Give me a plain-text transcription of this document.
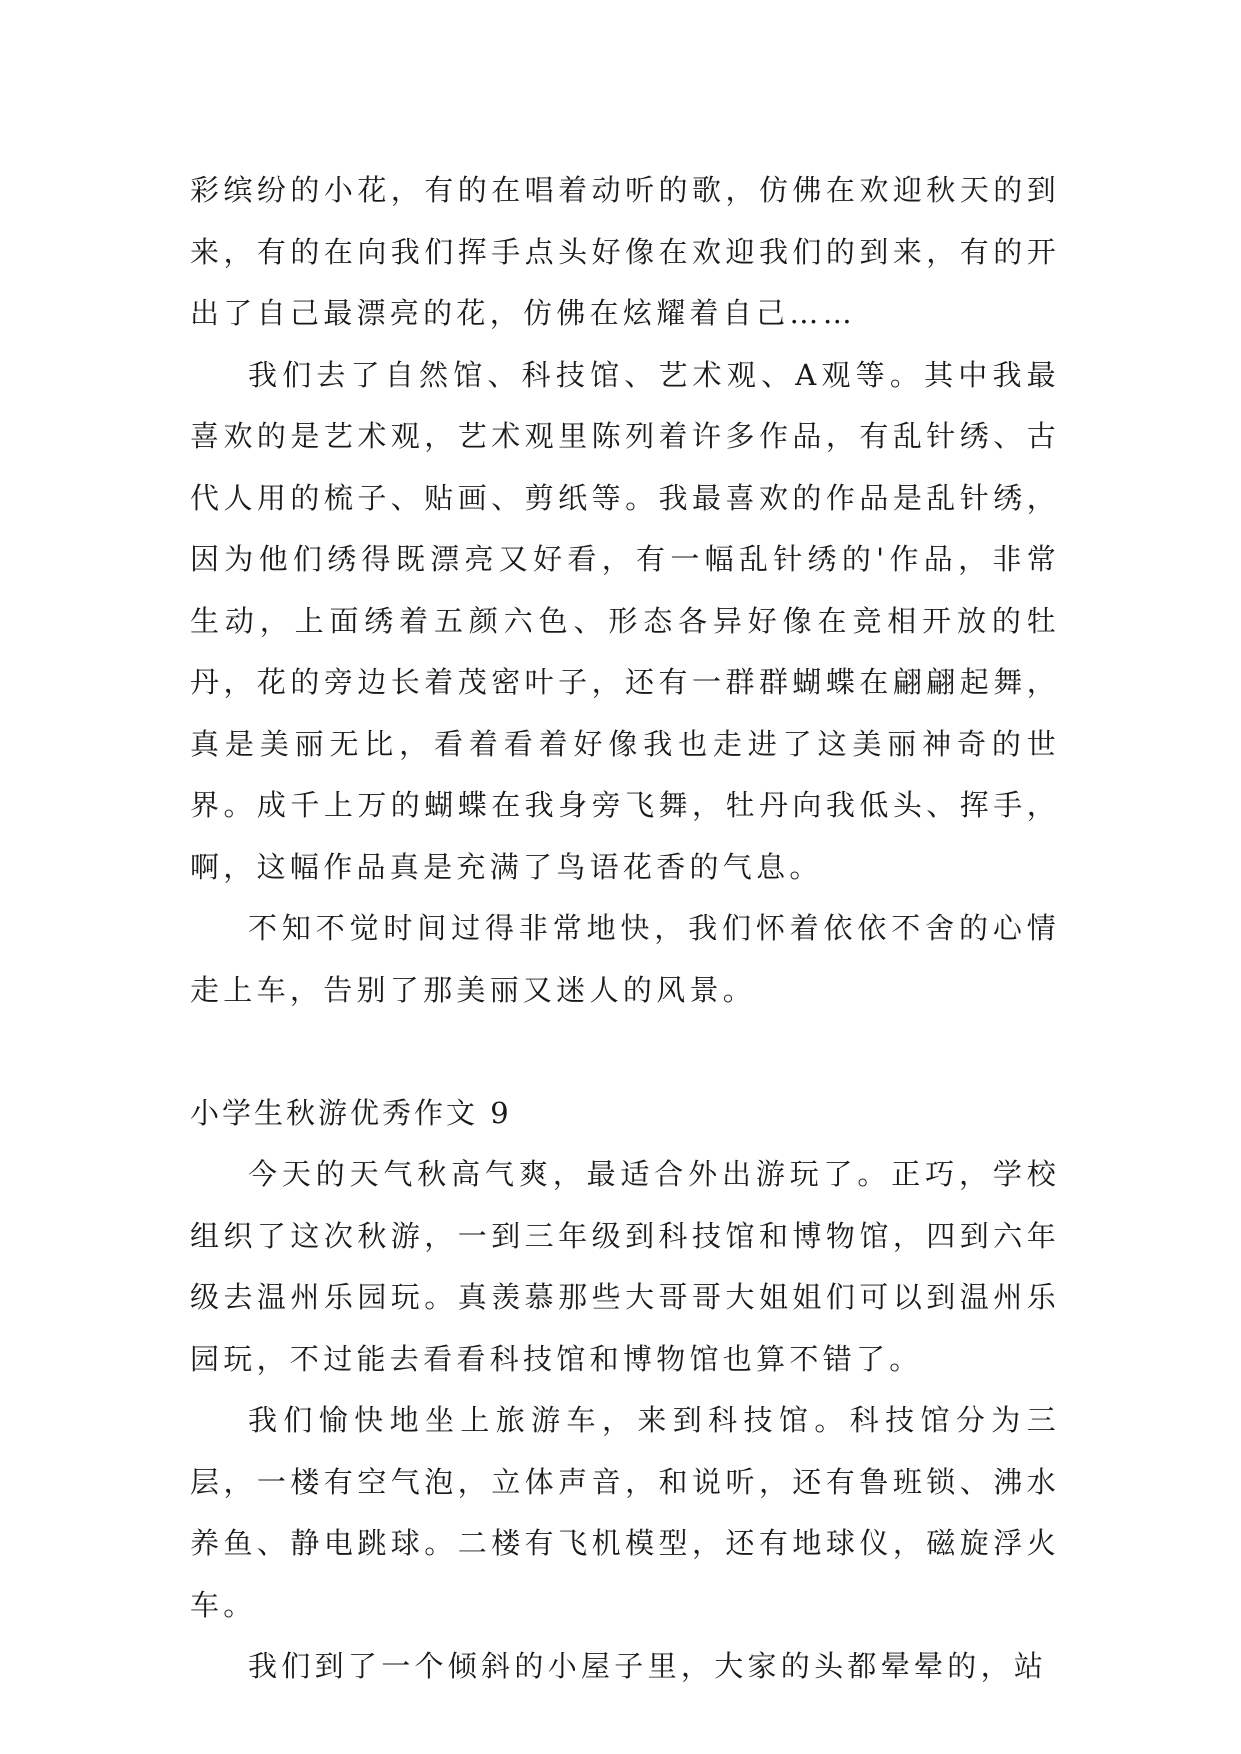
彩缤纷的小花，有的在唱着动听的歌，仿佛在欢迎秋天的到来，有的在向我们挥手点头好像在欢迎我们的到来，有的开出了自己最漂亮的花，仿佛在炫耀着自己……

我们去了自然馆、科技馆、艺术观、A观等。其中我最喜欢的是艺术观，艺术观里陈列着许多作品，有乱针绣、古代人用的梳子、贴画、剪纸等。我最喜欢的作品是乱针绣，因为他们绣得既漂亮又好看，有一幅乱针绣的'作品，非常生动，上面绣着五颜六色、形态各异好像在竞相开放的牡丹，花的旁边长着茂密叶子，还有一群群蝴蝶在翩翩起舞，真是美丽无比，看着看着好像我也走进了这美丽神奇的世界。成千上万的蝴蝶在我身旁飞舞，牡丹向我低头、挥手，啊，这幅作品真是充满了鸟语花香的气息。

不知不觉时间过得非常地快，我们怀着依依不舍的心情走上车，告别了那美丽又迷人的风景。

小学生秋游优秀作文 9

今天的天气秋高气爽，最适合外出游玩了。正巧，学校组织了这次秋游，一到三年级到科技馆和博物馆，四到六年级去温州乐园玩。真羡慕那些大哥哥大姐姐们可以到温州乐园玩，不过能去看看科技馆和博物馆也算不错了。

我们愉快地坐上旅游车，来到科技馆。科技馆分为三层，一楼有空气泡，立体声音，和说听，还有鲁班锁、沸水养鱼、静电跳球。二楼有飞机模型，还有地球仪，磁旋浮火车。

我们到了一个倾斜的小屋子里，大家的头都晕晕的，站
